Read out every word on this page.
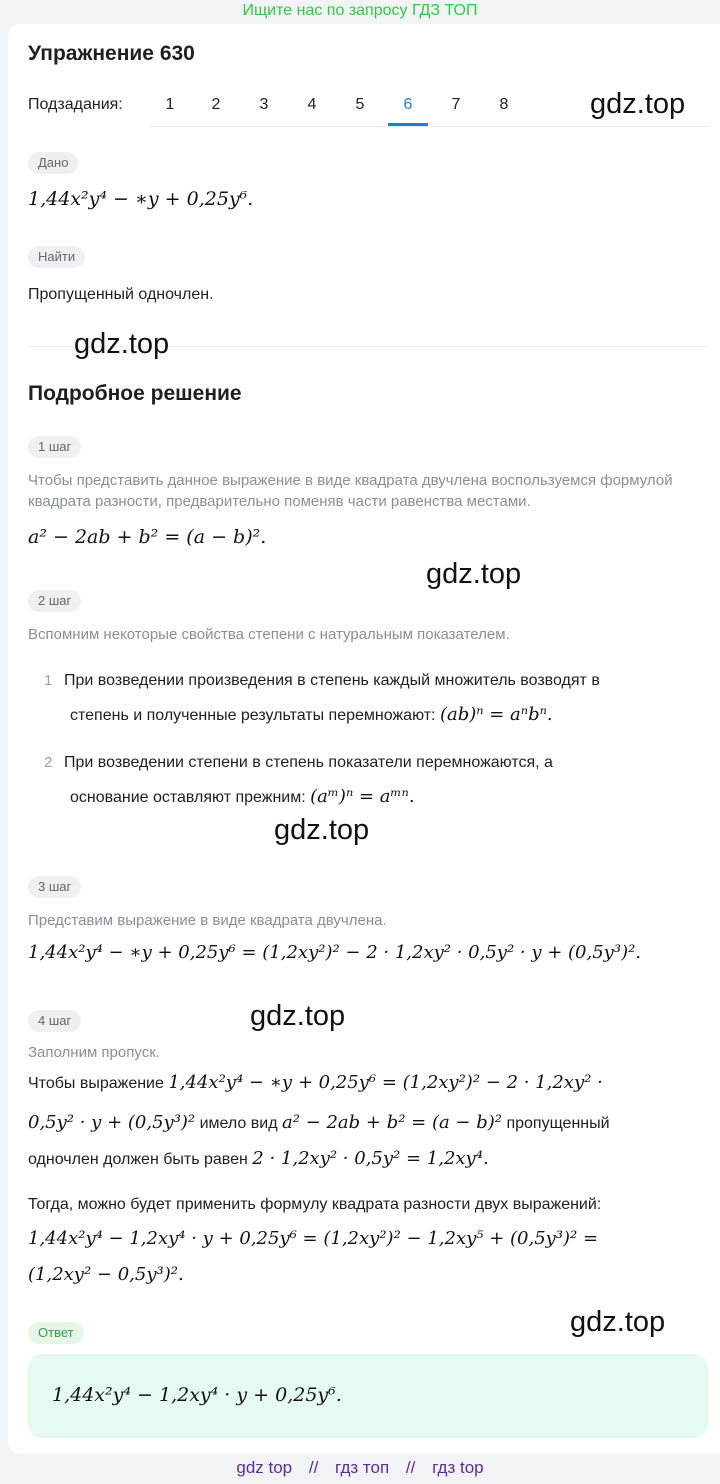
Ищите нас по запросу ГДЗ ТОП
Упражнение 630
Подзадания:	1	2	3	4	5	6	7	8	gdz.top
Дано
1,44x²y⁴ − ∗y + 0,25y⁶.
Найти
Пропущенный одночлен.
gdz.top
Подробное решение
1 шаг
Чтобы представить данное выражение в виде квадрата двучлена воспользуемся формулой квадрата разности, предварительно поменяв части равенства местами.
a² − 2ab + b² = (a − b)².
gdz.top
2 шаг
Вспомним некоторые свойства степени с натуральным показателем.
1 При возведении произведения в степень каждый множитель возводят в
степень и полученные результаты перемножают: (ab)ⁿ = aⁿbⁿ.
2 При возведении степени в степень показатели перемножаются, а
основание оставляют прежним: (aᵐ)ⁿ = aᵐⁿ.
gdz.top
3 шаг
Представим выражение в виде квадрата двучлена.
1,44x²y⁴ − ∗y + 0,25y⁶ = (1,2xy²)² − 2 · 1,2xy² · 0,5y² · y + (0,5y³)².
gdz.top
4 шаг
Заполним пропуск.
Чтобы выражение 1,44x²y⁴ − ∗y + 0,25y⁶ = (1,2xy²)² − 2 · 1,2xy² ·
0,5y² · y + (0,5y³)² имело вид a² − 2ab + b² = (a − b)² пропущенный
одночлен должен быть равен 2 · 1,2xy² · 0,5y² = 1,2xy⁴.
Тогда, можно будет применить формулу квадрата разности двух выражений:
1,44x²y⁴ − 1,2xy⁴ · y + 0,25y⁶ = (1,2xy²)² − 1,2xy⁵ + (0,5y³)² =
(1,2xy² − 0,5y³)².
gdz.top
Ответ
1,44x²y⁴ − 1,2xy⁴ · y + 0,25y⁶.
gdz top // гдз топ // гдз top
